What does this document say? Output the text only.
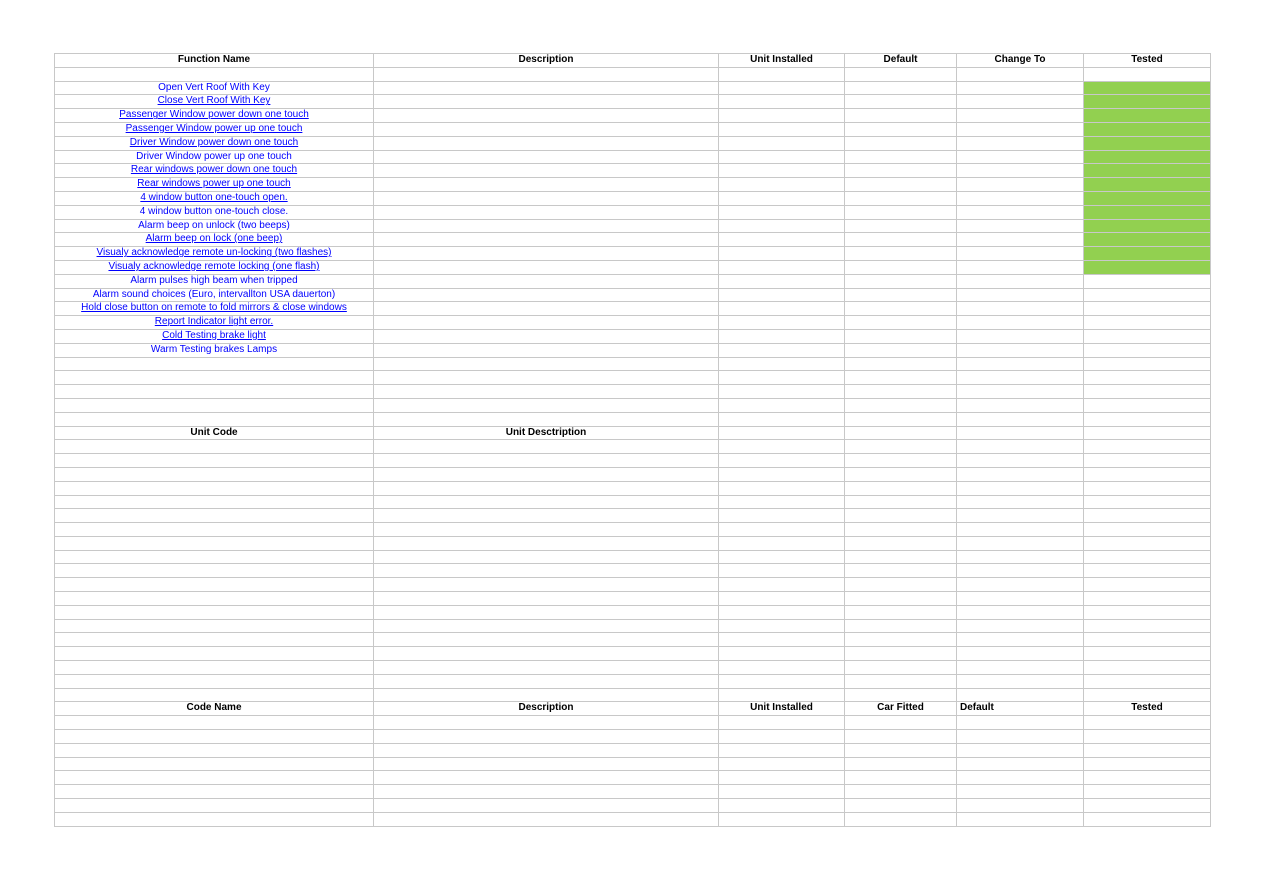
Function Name	Description	Unit Installed	Default	Change To	Tested

Open Vert Roof With Key					
Close Vert Roof With Key					
Passenger Window power down one touch					
Passenger Window power up one touch					
Driver Window power down one touch					
Driver Window power up one touch					
Rear windows power down one touch					
Rear windows power up one touch					
4 window button one-touch open.					
4 window button one-touch close.					
Alarm beep on unlock (two beeps)					
Alarm beep on lock (one beep)					
Visualy acknowledge remote un-locking (two flashes)					
Visualy acknowledge remote locking (one flash)					
Alarm pulses high beam when tripped					
Alarm sound choices (Euro, intervallton USA dauerton)					
Hold close button on remote to fold mirrors & close windows					
Report Indicator light error.					
Cold Testing brake light					
Warm Testing brakes Lamps					

Unit Code	Unit Desctription				

Code Name	Description	Unit Installed	Car Fitted	Default	Tested
